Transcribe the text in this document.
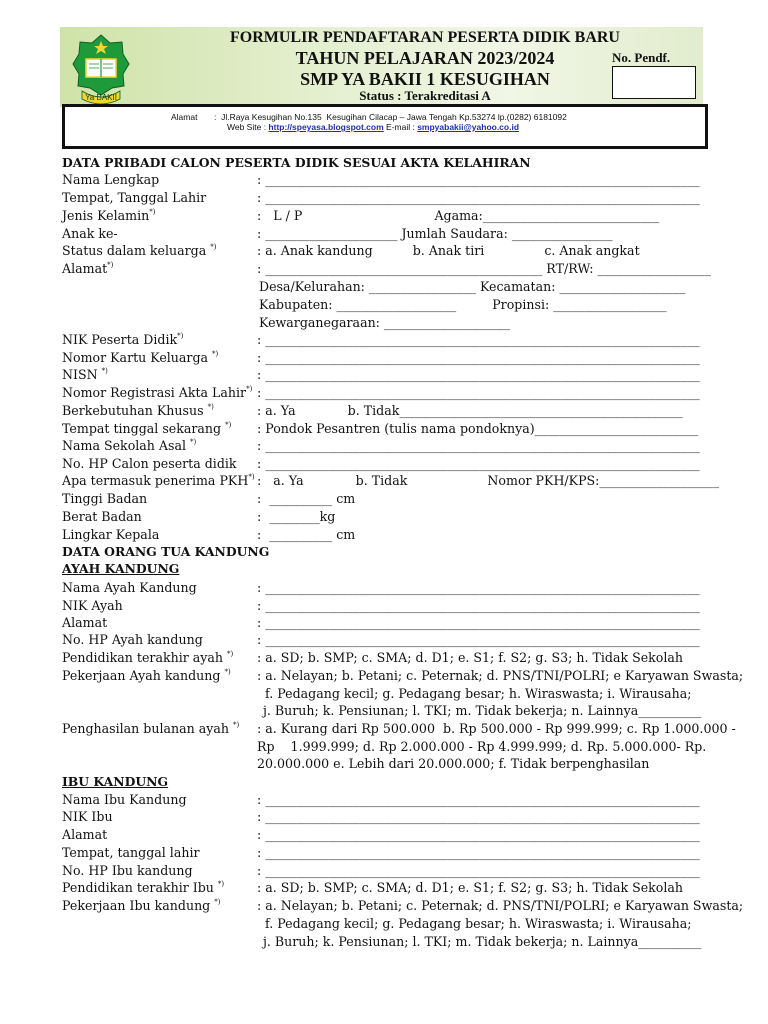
Ya BAKII
FORMULIR PENDAFTARAN PESERTA DIDIK BARU
TAHUN PELAJARAN 2023/2024
SMP YA BAKII 1 KESUGIHAN
Status : Terakreditasi A
No. Pendf.
Alamat       :  Jl.Raya Kesugihan No.135  Kesugihan Cilacap – Jawa Tengah Kp.53274 lp.(0282) 6181092
Web Site : http://speyasa.blogspot.com E-mail : smpyabakii@yahoo.co.id
DATA PRIBADI CALON PESERTA DIDIK SESUAI AKTA KELAHIRAN
Nama Lengkap	: _____________________________________________________________________
Tempat, Tanggal Lahir	: _____________________________________________________________________
Jenis Kelamin*)	:   L / P                                 Agama:____________________________
Anak ke-	: _____________________ Jumlah Saudara: ________________
Status dalam keluarga *)	: a. Anak kandung          b. Anak tiri               c. Anak angkat
Alamat*)	: ____________________________________________ RT/RW: __________________
Desa/Kelurahan: _________________ Kecamatan: ____________________
Kabupaten: ___________________         Propinsi: __________________
Kewarganegaraan: ____________________
NIK Peserta Didik*)	: _____________________________________________________________________
Nomor Kartu Keluarga *)	: _____________________________________________________________________
NISN *)	: _____________________________________________________________________
Nomor Registrasi Akta Lahir*) : _____________________________________________________________________
Berkebutuhan Khusus *)	: a. Ya             b. Tidak_____________________________________________
Tempat tinggal sekarang *) : Pondok Pesantren (tulis nama pondoknya)__________________________
Nama Sekolah Asal *)	: _____________________________________________________________________
No. HP Calon peserta didik : _____________________________________________________________________
Apa termasuk penerima PKH*) :   a. Ya             b. Tidak                    Nomor PKH/KPS:___________________
Tinggi Badan	:  __________ cm
Berat Badan	:  ________kg
Lingkar Kepala	:  __________ cm
DATA ORANG TUA KANDUNG
AYAH KANDUNG
Nama Ayah Kandung	: _____________________________________________________________________
NIK Ayah	: _____________________________________________________________________
Alamat	: _____________________________________________________________________
No. HP Ayah kandung	: _____________________________________________________________________
Pendidikan terakhir ayah *) : a. SD; b. SMP; c. SMA; d. D1; e. S1; f. S2; g. S3; h. Tidak Sekolah
Pekerjaan Ayah kandung *) : a. Nelayan; b. Petani; c. Peternak; d. PNS/TNI/POLRI; e Karyawan Swasta;
f. Pedagang kecil; g. Pedagang besar; h. Wiraswasta; i. Wirausaha;
j. Buruh; k. Pensiunan; l. TKI; m. Tidak bekerja; n. Lainnya__________
Penghasilan bulanan ayah *) : a. Kurang dari Rp 500.000  b. Rp 500.000 - Rp 999.999; c. Rp 1.000.000 -
Rp    1.999.999; d. Rp 2.000.000 - Rp 4.999.999; d. Rp. 5.000.000- Rp.
20.000.000 e. Lebih dari 20.000.000; f. Tidak berpenghasilan
IBU KANDUNG
Nama Ibu Kandung	: _____________________________________________________________________
NIK Ibu	: _____________________________________________________________________
Alamat	: _____________________________________________________________________
Tempat, tanggal lahir	: _____________________________________________________________________
No. HP Ibu kandung	: _____________________________________________________________________
Pendidikan terakhir Ibu *)	: a. SD; b. SMP; c. SMA; d. D1; e. S1; f. S2; g. S3; h. Tidak Sekolah
Pekerjaan Ibu kandung *)	: a. Nelayan; b. Petani; c. Peternak; d. PNS/TNI/POLRI; e Karyawan Swasta;
f. Pedagang kecil; g. Pedagang besar; h. Wiraswasta; i. Wirausaha;
j. Buruh; k. Pensiunan; l. TKI; m. Tidak bekerja; n. Lainnya__________
